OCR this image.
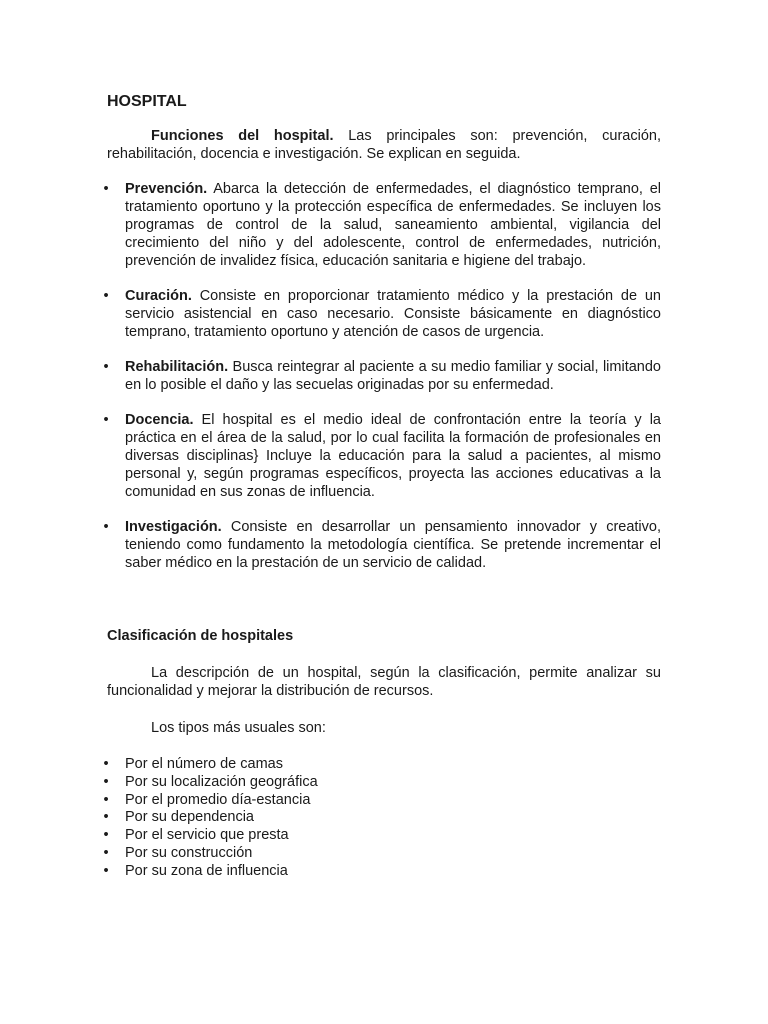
HOSPITAL

Funciones del hospital. Las principales son: prevención, curación, rehabilitación, docencia e investigación. Se explican en seguida.

• Prevención. Abarca la detección de enfermedades, el diagnóstico temprano, el tratamiento oportuno y la protección específica de enfermedades. Se incluyen los programas de control de la salud, saneamiento ambiental, vigilancia del crecimiento del niño y del adolescente, control de enfermedades, nutrición, prevención de invalidez física, educación sanitaria e higiene del trabajo.
• Curación. Consiste en proporcionar tratamiento médico y la prestación de un servicio asistencial en caso necesario. Consiste básicamente en diagnóstico temprano, tratamiento oportuno y atención de casos de urgencia.
• Rehabilitación. Busca reintegrar al paciente a su medio familiar y social, limitando en lo posible el daño y las secuelas originadas por su enfermedad.
• Docencia. El hospital es el medio ideal de confrontación entre la teoría y la práctica en el área de la salud, por lo cual facilita la formación de profesionales en diversas disciplinas} Incluye la educación para la salud a pacientes, al mismo personal y, según programas específicos, proyecta las acciones educativas a la comunidad en sus zonas de influencia.
• Investigación. Consiste en desarrollar un pensamiento innovador y creativo, teniendo como fundamento la metodología científica. Se pretende incrementar el saber médico en la prestación de un servicio de calidad.
Clasificación de hospitales

La descripción de un hospital, según la clasificación, permite analizar su funcionalidad y mejorar la distribución de recursos.

Los tipos más usuales son:

• Por el número de camas
• Por su localización geográfica
• Por el promedio día-estancia
• Por su dependencia
• Por el servicio que presta
• Por su construcción
• Por su zona de influencia
